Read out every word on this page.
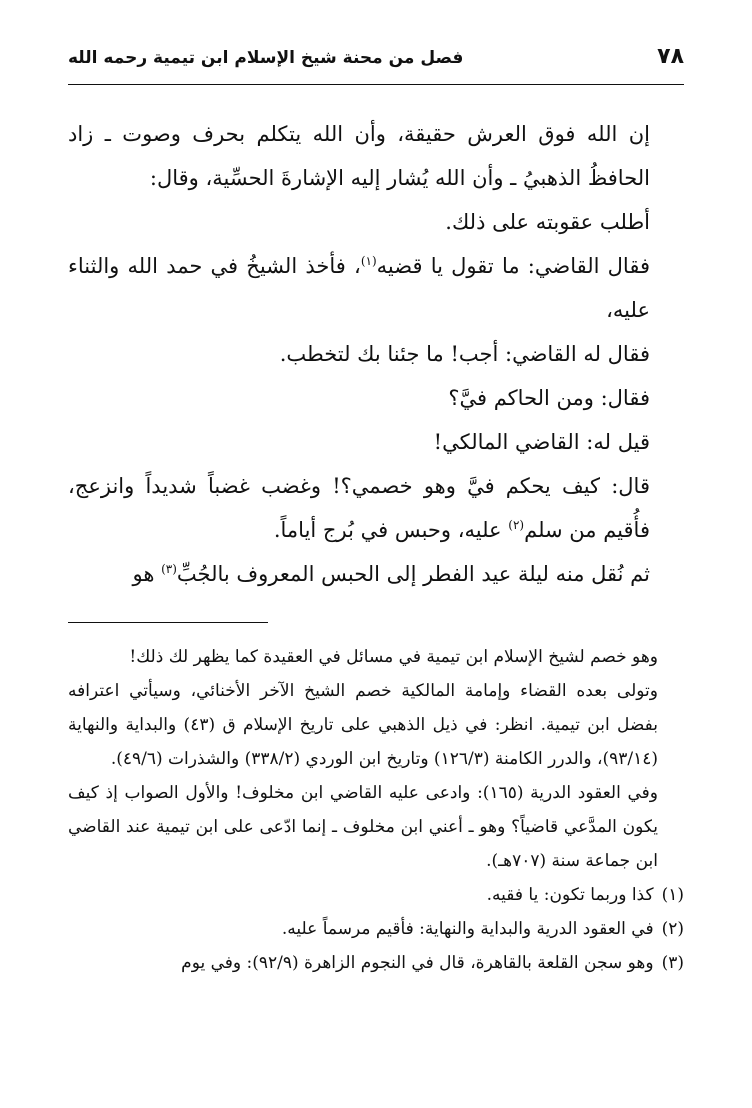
٧٨
فصل من محنة شيخ الإسلام ابن تيمية رحمه الله

إن الله فوق العرش حقيقة، وأن الله يتكلم بحرف وصوت ـ زاد الحافظُ الذهبيُ ـ وأن الله يُشار إليه الإشارةَ الحسِّية، وقال:

أطلب عقوبته على ذلك.

فقال القاضي: ما تقول يا قضيه$^{(١)}$، فأخذ الشيخُ في حمد الله والثناء عليه،

فقال له القاضي: أجب! ما جئنا بك لتخطب.

فقال: ومن الحاكم فيَّ؟

قيل له: القاضي المالكي!

قال: كيف يحكم فيَّ وهو خصمي؟! وغضب غضباً شديداً وانزعج، فأُقيم من سلم$^{(٢)}$ عليه، وحبس في بُرج أياماً.

ثم نُقل منه ليلة عيد الفطر إلى الحبس المعروف بالجُبِّ$^{(٣)}$ هو

وهو خصم لشيخ الإسلام ابن تيمية في مسائل في العقيدة كما يظهر لك ذلك!

وتولى بعده القضاء وإمامة المالكية خصم الشيخ الآخر الأخنائي، وسيأتي اعترافه بفضل ابن تيمية. انظر: في ذيل الذهبي على تاريخ الإسلام ق (٤٣) والبداية والنهاية (٩٣/١٤)، والدرر الكامنة (١٢٦/٣) وتاريخ ابن الوردي (٣٣٨/٢) والشذرات (٤٩/٦).

وفي العقود الدرية (١٦٥): وادعى عليه القاضي ابن مخلوف! والأول الصواب إذ كيف يكون المدَّعي قاضياً؟ وهو ـ أعني ابن مخلوف ـ إنما ادّعى على ابن تيمية عند القاضي ابن جماعة سنة (٧٠٧هـ).

(١)
كذا وربما تكون: يا فقيه.

(٢)
في العقود الدرية والبداية والنهاية: فأقيم مرسماً عليه.

(٣)
وهو سجن القلعة بالقاهرة، قال في النجوم الزاهرة (٩٢/٩): وفي يوم
